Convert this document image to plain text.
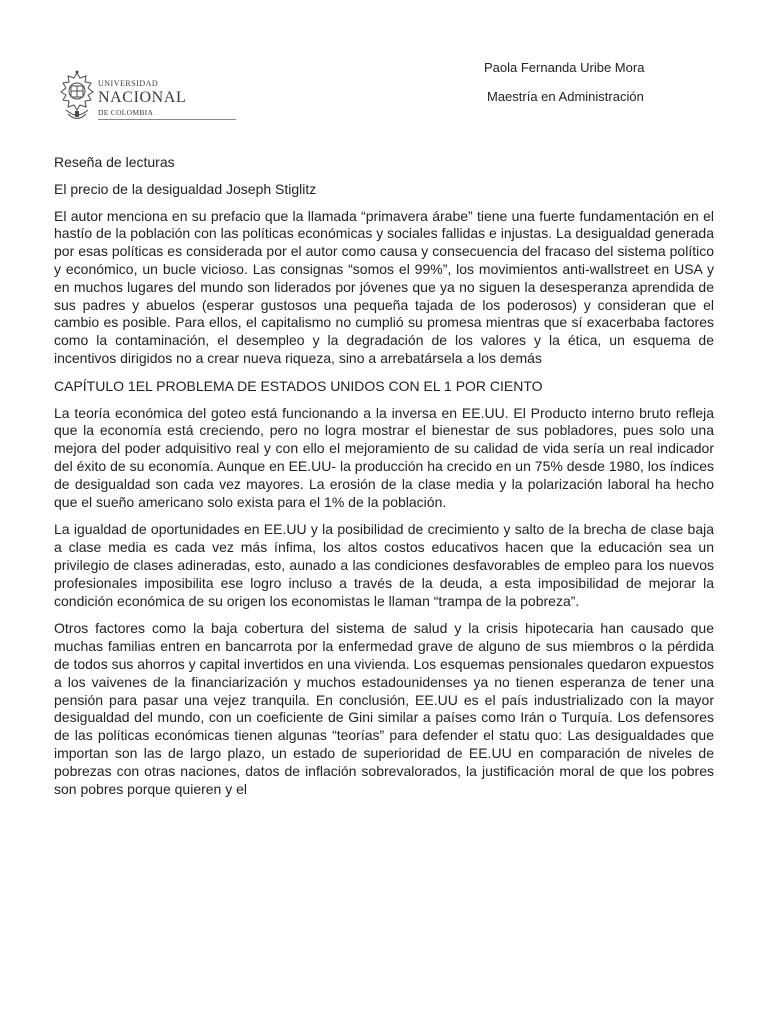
UNIVERSIDAD
NACIONAL
DE COLOMBIA
Paola Fernanda Uribe Mora
Maestría en Administración

Reseña de lecturas

El precio de la desigualdad Joseph Stiglitz

El autor menciona en su prefacio que la llamada “primavera árabe” tiene una fuerte fundamentación en el hastío de la población con las políticas económicas y sociales fallidas e injustas. La desigualdad generada por esas políticas es considerada por el autor como causa y consecuencia del fracaso del sistema político y económico, un bucle vicioso. Las consignas “somos el 99%”, los movimientos anti-wallstreet en USA y en muchos lugares del mundo son liderados por jóvenes que ya no siguen la desesperanza aprendida de sus padres y abuelos (esperar gustosos una pequeña tajada de los poderosos) y consideran que el cambio es posible. Para ellos, el capitalismo no cumplió su promesa mientras que sí exacerbaba factores como la contaminación, el desempleo y la degradación de los valores y la ética, un esquema de incentivos dirigidos no a crear nueva riqueza, sino a arrebatársela a los demás

CAPÍTULO 1EL PROBLEMA DE ESTADOS UNIDOS CON EL 1 POR CIENTO

La teoría económica del goteo está funcionando a la inversa en EE.UU. El Producto interno bruto refleja que la economía está creciendo, pero no logra mostrar el bienestar de sus pobladores, pues solo una mejora del poder adquisitivo real y con ello el mejoramiento de su calidad de vida sería un real indicador del éxito de su economía. Aunque en EE.UU- la producción ha crecido en un 75% desde 1980, los índices de desigualdad son cada vez mayores. La erosión de la clase media y la polarización laboral ha hecho que el sueño americano solo exista para el 1% de la población.

La igualdad de oportunidades en EE.UU y la posibilidad de crecimiento y salto de la brecha de clase baja a clase media es cada vez más ínfima, los altos costos educativos hacen que la educación sea un privilegio de clases adineradas, esto, aunado a las condiciones desfavorables de empleo para los nuevos profesionales imposibilita ese logro incluso a través de la deuda, a esta imposibilidad de mejorar la condición económica de su origen los economistas le llaman “trampa de la pobreza”.

Otros factores como la baja cobertura del sistema de salud y la crisis hipotecaria han causado que muchas familias entren en bancarrota por la enfermedad grave de alguno de sus miembros o la pérdida de todos sus ahorros y capital invertidos en una vivienda. Los esquemas pensionales quedaron expuestos a los vaivenes de la financiarización y muchos estadounidenses ya no tienen esperanza de tener una pensión para pasar una vejez tranquila. En conclusión, EE.UU es el país industrializado con la mayor desigualdad del mundo, con un coeficiente de Gini similar a países como Irán o Turquía. Los defensores de las políticas económicas tienen algunas “teorías” para defender el statu quo: Las desigualdades que importan son las de largo plazo, un estado de superioridad de EE.UU en comparación de niveles de pobrezas con otras naciones, datos de inflación sobrevalorados, la justificación moral de que los pobres son pobres porque quieren y el
